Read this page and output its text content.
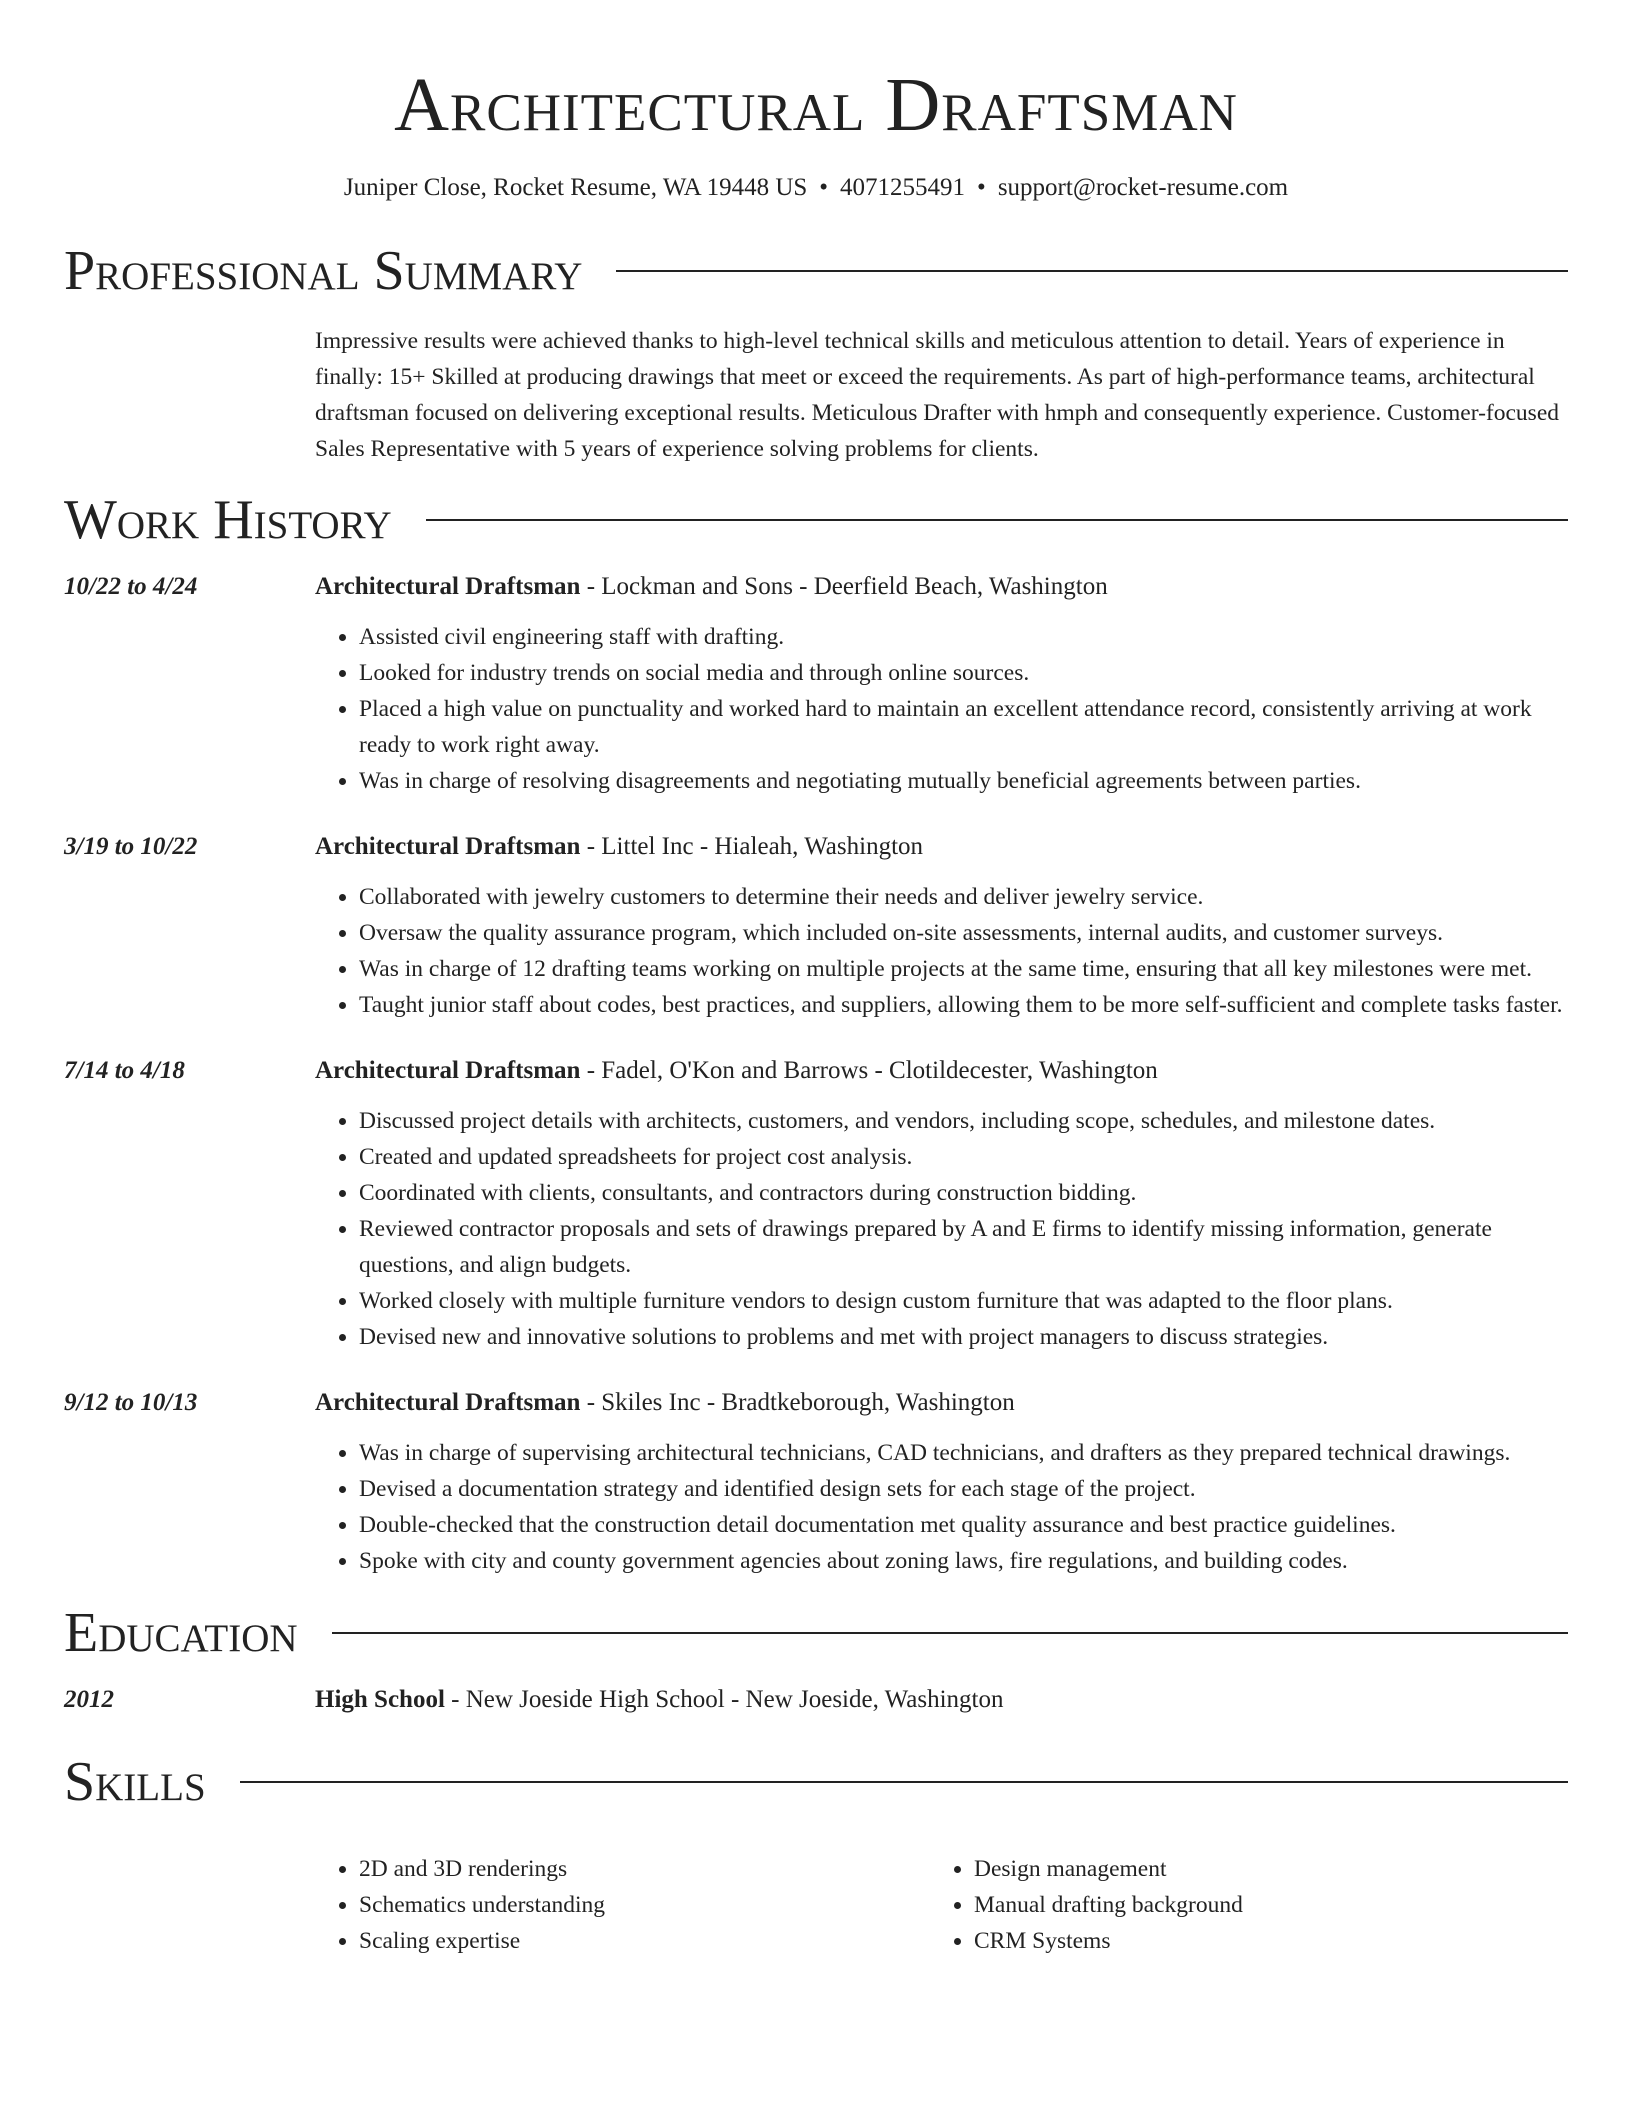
Architectural Draftsman
Juniper Close, Rocket Resume, WA 19448 US • 4071255491 • support@rocket-resume.com
Professional Summary
Impressive results were achieved thanks to high-level technical skills and meticulous attention to detail. Years of experience in finally: 15+ Skilled at producing drawings that meet or exceed the requirements. As part of high-performance teams, architectural draftsman focused on delivering exceptional results. Meticulous Drafter with hmph and consequently experience. Customer-focused Sales Representative with 5 years of experience solving problems for clients.
Work History
10/22 to 4/24	Architectural Draftsman - Lockman and Sons - Deerfield Beach, Washington
• Assisted civil engineering staff with drafting.
• Looked for industry trends on social media and through online sources.
• Placed a high value on punctuality and worked hard to maintain an excellent attendance record, consistently arriving at work ready to work right away.
• Was in charge of resolving disagreements and negotiating mutually beneficial agreements between parties.
3/19 to 10/22	Architectural Draftsman - Littel Inc - Hialeah, Washington
• Collaborated with jewelry customers to determine their needs and deliver jewelry service.
• Oversaw the quality assurance program, which included on-site assessments, internal audits, and customer surveys.
• Was in charge of 12 drafting teams working on multiple projects at the same time, ensuring that all key milestones were met.
• Taught junior staff about codes, best practices, and suppliers, allowing them to be more self-sufficient and complete tasks faster.
7/14 to 4/18	Architectural Draftsman - Fadel, O'Kon and Barrows - Clotildecester, Washington
• Discussed project details with architects, customers, and vendors, including scope, schedules, and milestone dates.
• Created and updated spreadsheets for project cost analysis.
• Coordinated with clients, consultants, and contractors during construction bidding.
• Reviewed contractor proposals and sets of drawings prepared by A and E firms to identify missing information, generate questions, and align budgets.
• Worked closely with multiple furniture vendors to design custom furniture that was adapted to the floor plans.
• Devised new and innovative solutions to problems and met with project managers to discuss strategies.
9/12 to 10/13	Architectural Draftsman - Skiles Inc - Bradtkeborough, Washington
• Was in charge of supervising architectural technicians, CAD technicians, and drafters as they prepared technical drawings.
• Devised a documentation strategy and identified design sets for each stage of the project.
• Double-checked that the construction detail documentation met quality assurance and best practice guidelines.
• Spoke with city and county government agencies about zoning laws, fire regulations, and building codes.
Education
2012	High School - New Joeside High School - New Joeside, Washington
Skills
• 2D and 3D renderings
• Schematics understanding
• Scaling expertise
• Design management
• Manual drafting background
• CRM Systems
